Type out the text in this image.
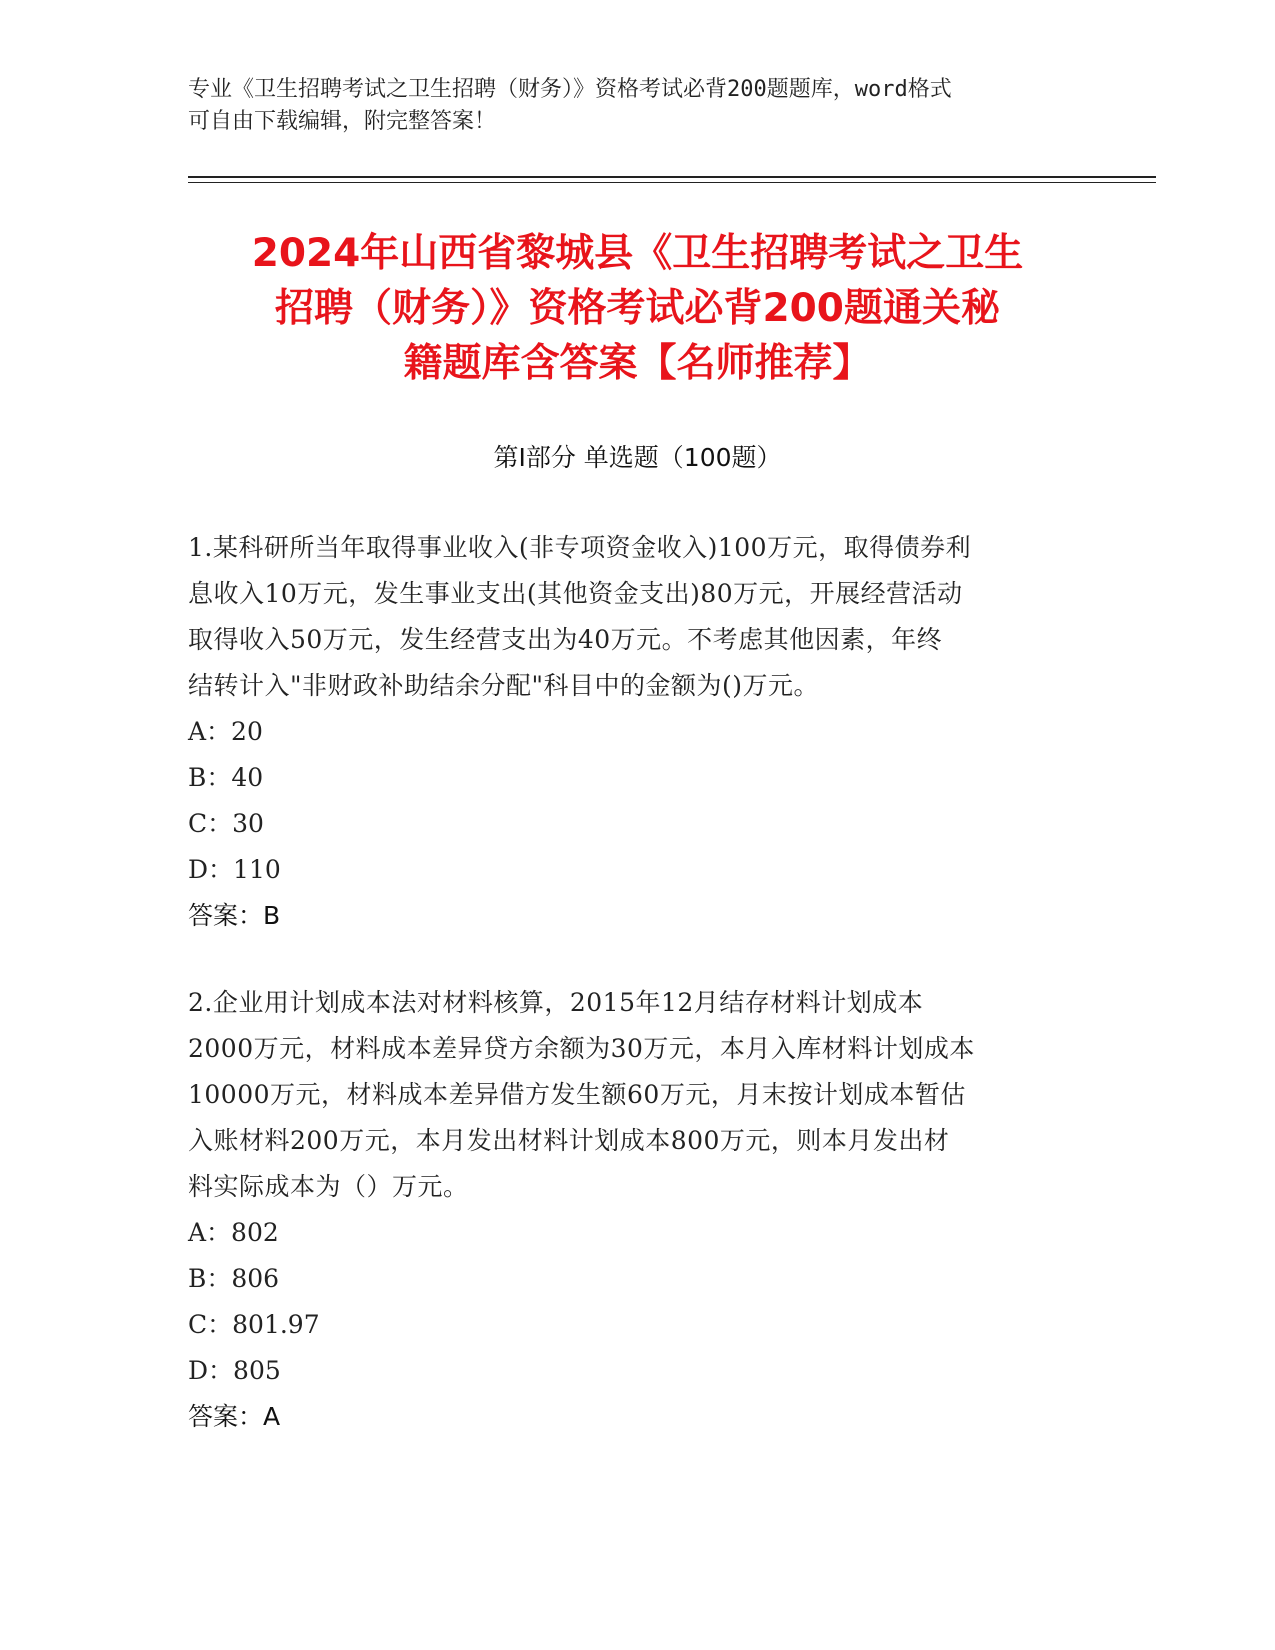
专业《卫生招聘考试之卫生招聘（财务）》资格考试必背200题题库，word格式
可自由下载编辑，附完整答案！
2024年山西省黎城县《卫生招聘考试之卫生
招聘（财务）》资格考试必背200题通关秘
籍题库含答案【名师推荐】
第Ⅰ部分 单选题（100题）
1.某科研所当年取得事业收入(非专项资金收入)100万元，取得债券利
息收入10万元，发生事业支出(其他资金支出)80万元，开展经营活动
取得收入50万元，发生经营支出为40万元。不考虑其他因素，年终
结转计入"非财政补助结余分配"科目中的金额为()万元。
A：20
B：40
C：30
D：110
答案：B
2.企业用计划成本法对材料核算，2015年12月结存材料计划成本
2000万元，材料成本差异贷方余额为30万元，本月入库材料计划成本
10000万元，材料成本差异借方发生额60万元，月末按计划成本暂估
入账材料200万元，本月发出材料计划成本800万元，则本月发出材
料实际成本为（）万元。
A：802
B：806
C：801.97
D：805
答案：A
